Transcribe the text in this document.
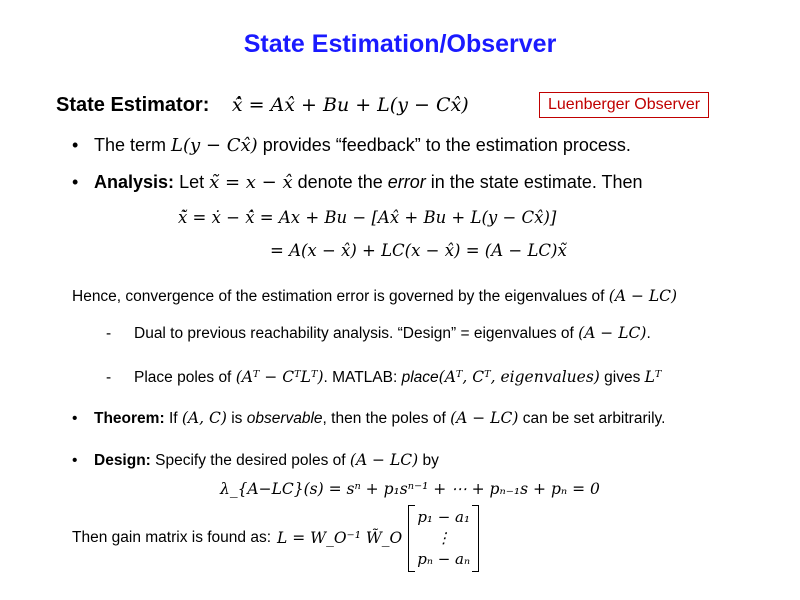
State Estimation/Observer
State Estimator: x̂̇ = Ax̂ + Bu + L(y − Cx̂)	Luenberger Observer
• The term L(y − Cx̂) provides “feedback” to the estimation process.
• Analysis: Let x̃ = x − x̂ denote the error in the state estimate. Then
x̃̇ = ẋ − x̂̇ = Ax + Bu − [Ax̂ + Bu + L(y − Cx̂)]
= A(x − x̂) + LC(x − x̂) = (A − LC)x̃
Hence, convergence of the estimation error is governed by the eigenvalues of (A − LC)
- Dual to previous reachability analysis. “Design” = eigenvalues of (A − LC).
- Place poles of (Aᵀ − CᵀLᵀ). MATLAB: place(Aᵀ, Cᵀ, eigenvalues) gives Lᵀ
• Theorem: If (A, C) is observable, then the poles of (A − LC) can be set arbitrarily.
• Design: Specify the desired poles of (A − LC) by
λ_{A−LC}(s) = sⁿ + p₁sⁿ⁻¹ + ⋯ + pₙ₋₁s + pₙ = 0
Then gain matrix is found as: L = W_O⁻¹ W̃_O
p₁ − a₁
⋮
pₙ − aₙ
